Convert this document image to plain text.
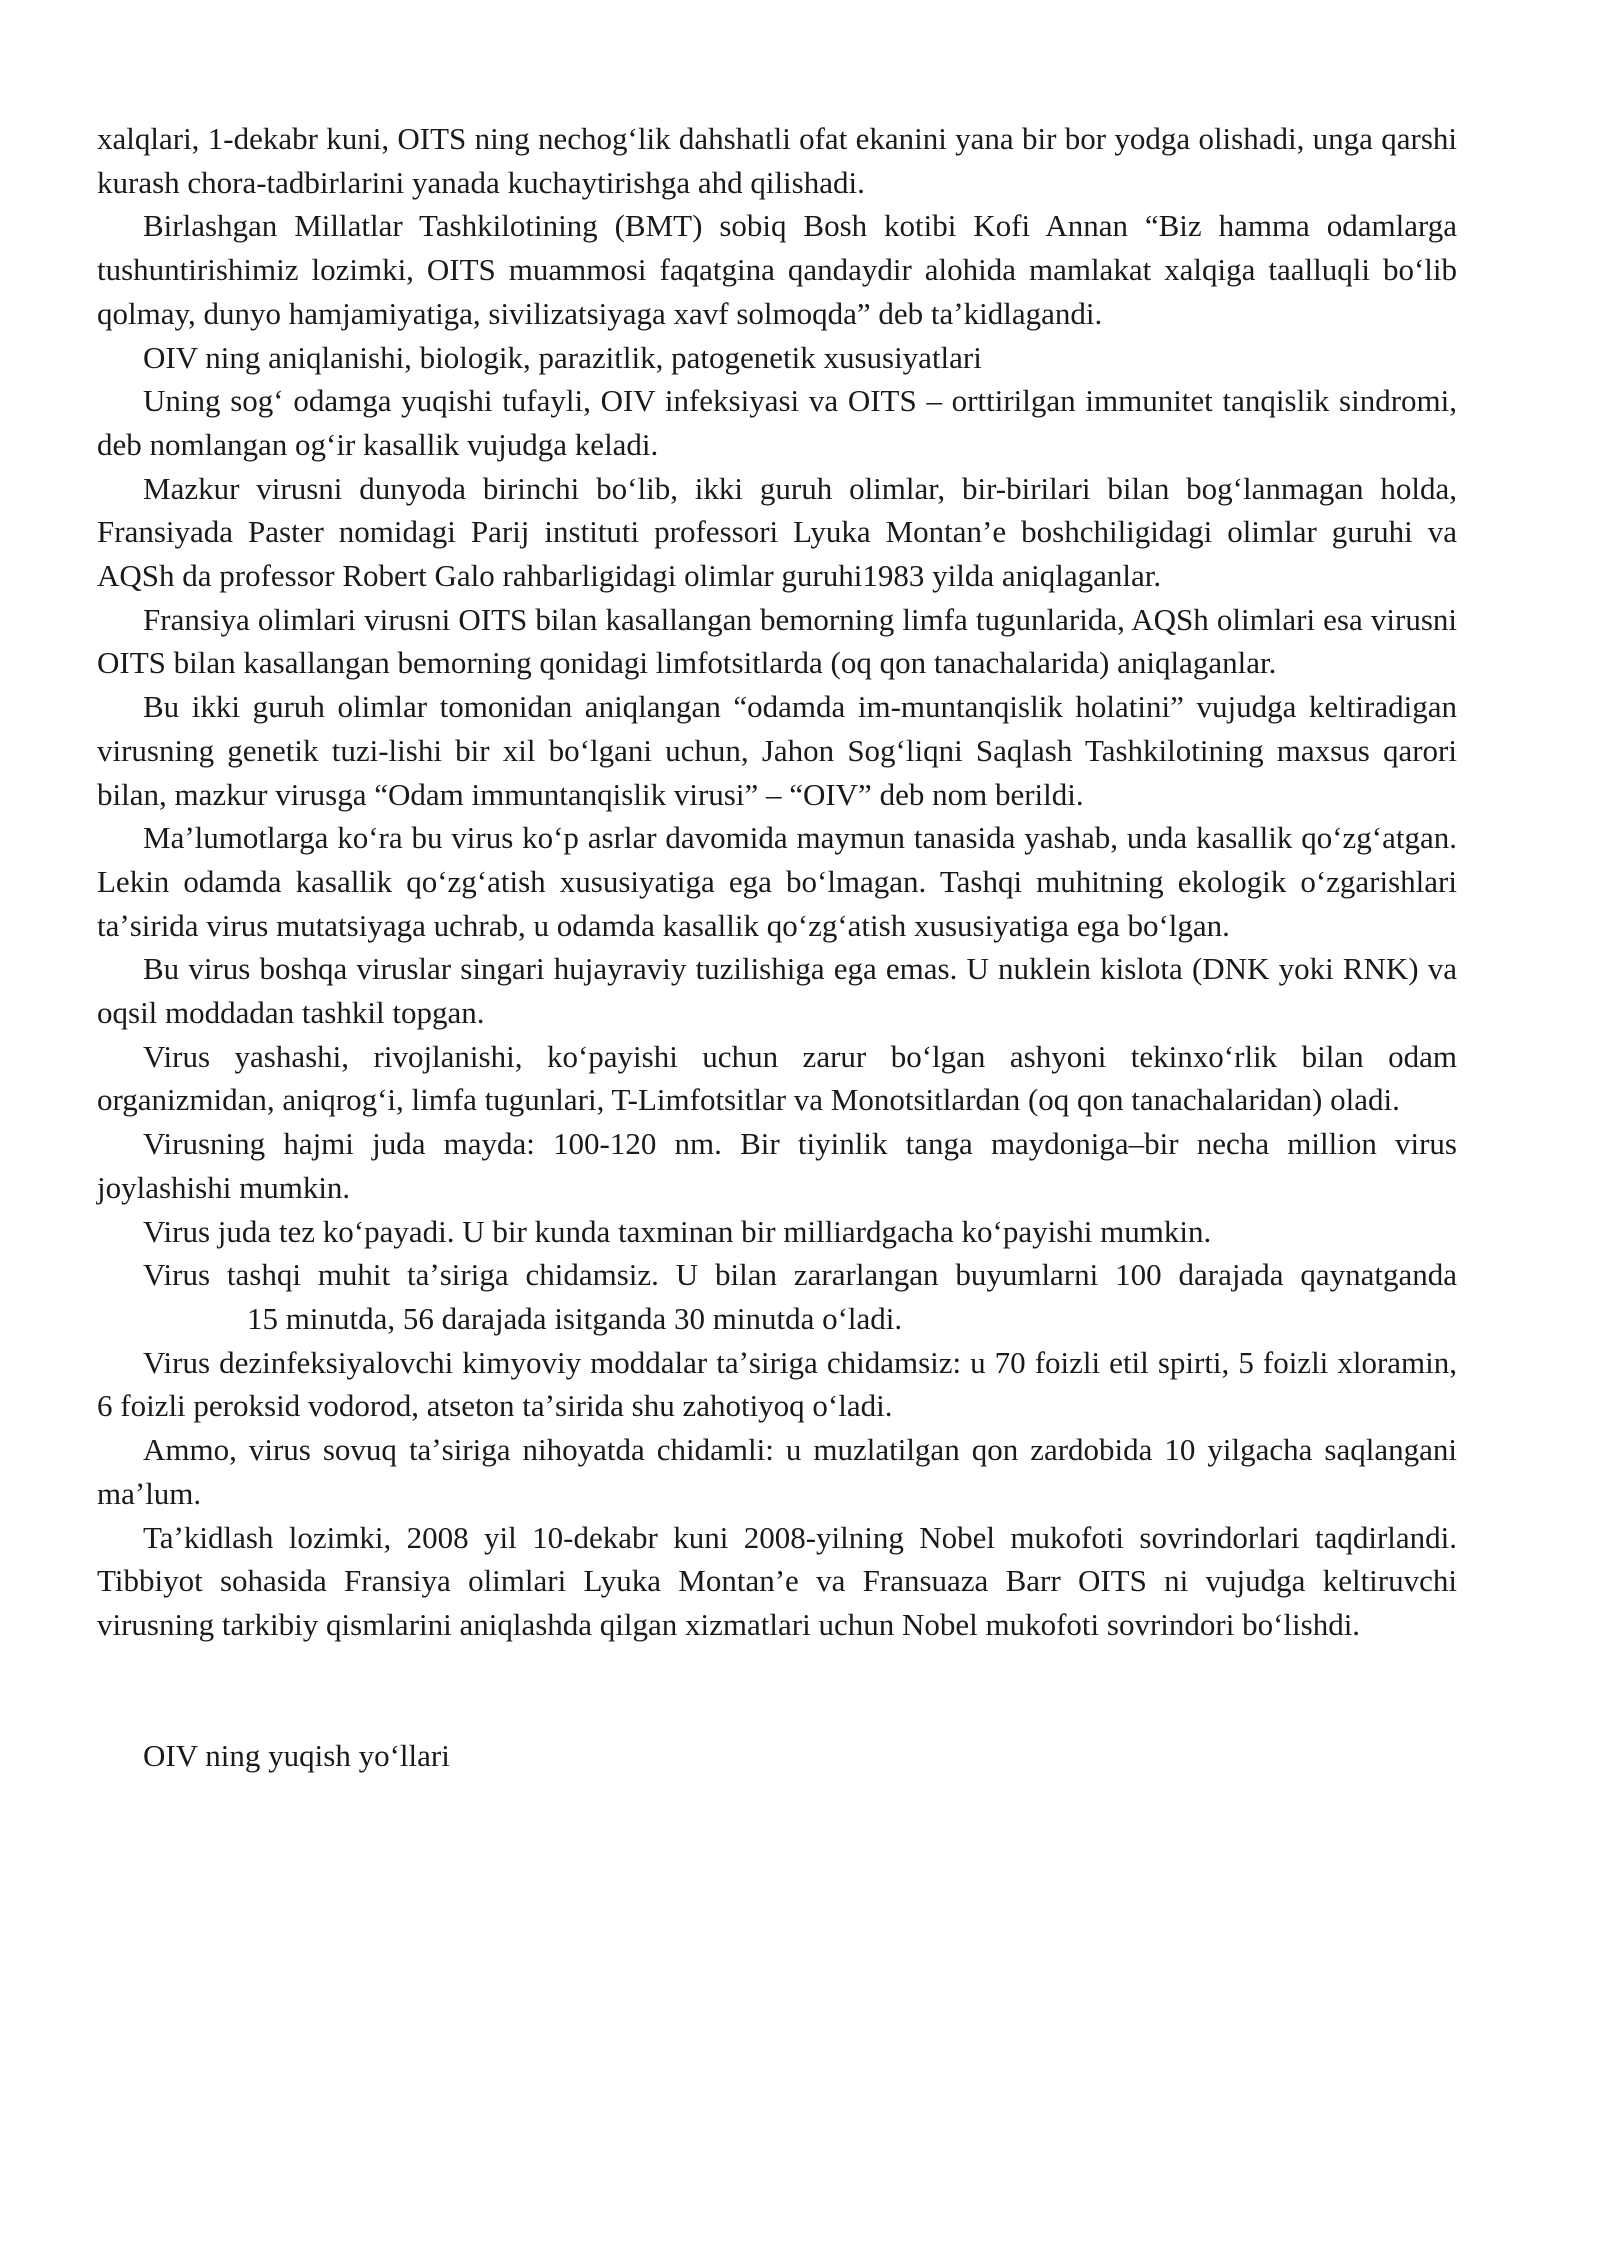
xalqlari, 1-dekabr kuni, OITS ning nechogʻlik dahshatli ofat ekanini yana bir bor yodga olishadi, unga qarshi kurash chora-tadbirlarini yanada kuchaytirishga ahd qilishadi.

Birlashgan Millatlar Tashkilotining (BMT) sobiq Bosh kotibi Kofi Annan “Biz hamma odamlarga tushuntirishimiz lozimki, OITS muammosi faqatgina qandaydir alohida mamlakat xalqiga taalluqli boʻlib qolmay, dunyo hamjamiyatiga, sivilizatsiyaga xavf solmoqda” deb taʼkidlagandi.

OIV ning aniqlanishi, biologik, parazitlik, patogenetik xususiyatlari

Uning sogʻ odamga yuqishi tufayli, OIV infeksiyasi va OITS – orttirilgan immunitet tanqislik sindromi, deb nomlangan ogʻir kasallik vujudga keladi.

Mazkur virusni dunyoda birinchi boʻlib, ikki guruh olimlar, bir-birilari bilan bogʻlanmagan holda, Fransiyada Paster nomidagi Parij instituti professori Lyuka Montan’e boshchiligidagi olimlar guruhi va AQSh da professor Robert Galo rahbarligidagi olimlar guruhi1983 yilda aniqlaganlar.

Fransiya olimlari virusni OITS bilan kasallangan bemorning limfa tugunlarida, AQSh olimlari esa virusni OITS bilan kasallangan bemorning qonidagi limfotsitlarda (oq qon tanachalarida) aniqlaganlar.

Bu ikki guruh olimlar tomonidan aniqlangan “odamda im-muntanqislik holatini” vujudga keltiradigan virusning genetik tuzi-lishi bir xil boʻlgani uchun, Jahon Sogʻliqni Saqlash Tashkilotining maxsus qarori bilan, mazkur virusga “Odam immuntanqislik virusi” – “OIV” deb nom berildi.

Maʼlumotlarga koʻra bu virus koʻp asrlar davomida maymun tanasida yashab, unda kasallik qoʻzgʻatgan. Lekin odamda kasallik qoʻzgʻatish xususiyatiga ega boʻlmagan. Tashqi muhitning ekologik oʻzgarishlari taʼsirida virus mutatsiyaga uchrab, u odamda kasallik qoʻzgʻatish xususiyatiga ega boʻlgan.

Bu virus boshqa viruslar singari hujayraviy tuzilishiga ega emas. U nuklein kislota (DNK yoki RNK) va oqsil moddadan tashkil topgan.

Virus yashashi, rivojlanishi, koʻpayishi uchun zarur boʻlgan ashyoni tekinxoʻrlik bilan odam organizmidan, aniqrogʻi, limfa tugunlari, T-Limfotsitlar va Monotsitlardan (oq qon tanachalaridan) oladi.

Virusning hajmi juda mayda: 100-120 nm. Bir tiyinlik tanga maydoniga–bir necha million virus joylashishi mumkin.

Virus juda tez koʻpayadi. U bir kunda taxminan bir milliardgacha koʻpayishi mumkin.

Virus tashqi muhit taʼsiriga chidamsiz. U bilan zararlangan buyumlarni 100 darajada qaynatganda15 minutda, 56 darajada isitganda 30 minutda oʻladi.

Virus dezinfeksiyalovchi kimyoviy moddalar taʼsiriga chidamsiz: u 70 foizli etil spirti, 5 foizli xloramin, 6 foizli peroksid vodorod, atseton taʼsirida shu zahotiyoq oʻladi.

Ammo, virus sovuq taʼsiriga nihoyatda chidamli: u muzlatilgan qon zardobida 10 yilgacha saqlangani maʼlum.

Taʼkidlash lozimki, 2008 yil 10-dekabr kuni 2008-yilning Nobel mukofoti sovrindorlari taqdirlandi. Tibbiyot sohasida Fransiya olimlari Lyuka Montan’e va Fransuaza Barr OITS ni vujudga keltiruvchi virusning tarkibiy qismlarini aniqlashda qilgan xizmatlari uchun Nobel mukofoti sovrindori boʻlishdi.

OIV ning yuqish yoʻllari
